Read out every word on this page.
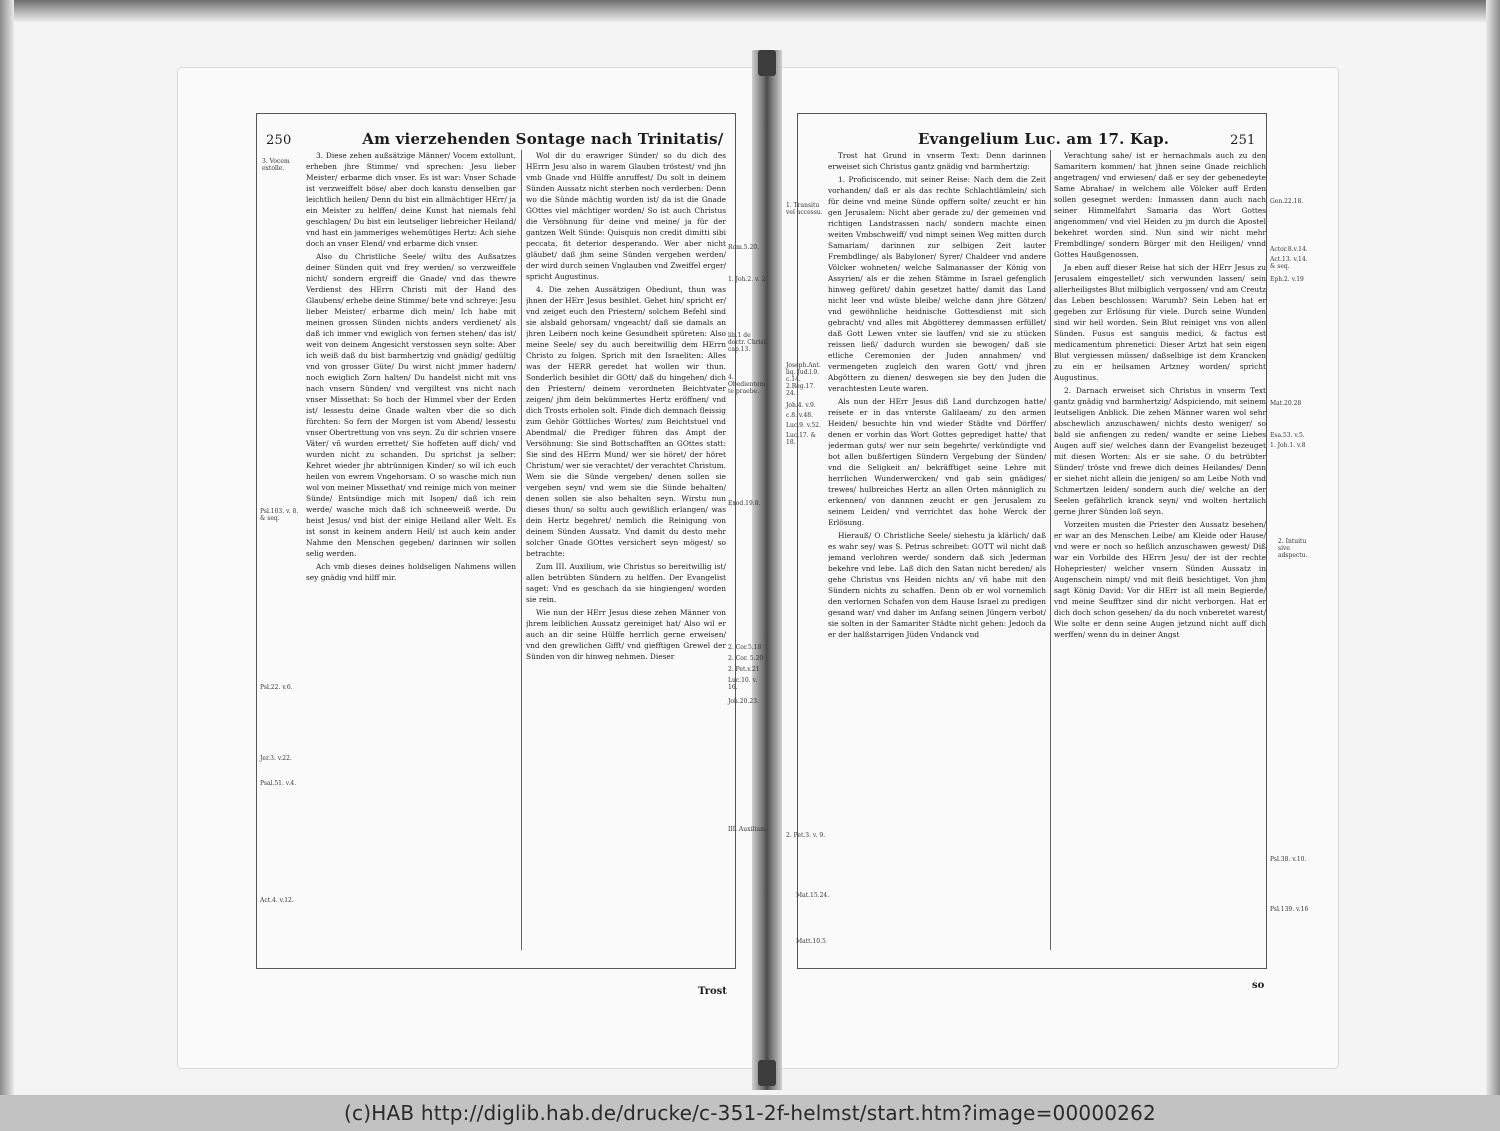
250	Am vierzehenden Sontage nach Trinitatis/

3. Diese zehen außsätzige Männer/ Vocem extollunt, erheben jhre Stimme/ vnd sprechen: Jesu lieber Meister/ erbarme dich vnser. Es ist war: Vnser Schade ist verzweiffelt böse/ aber doch kanstu denselben gar leichtlich heilen/ Denn du bist ein allmächtiger HErr/ ja ein Meister zu helffen/ deine Kunst hat niemals fehl geschlagen/ Du bist ein leutseliger liebreicher Heiland/ vnd hast ein jammeriges wehemütiges Hertz: Ach siehe doch an vnser Elend/ vnd erbarme dich vnser.

Also du Christliche Seele/ wiltu des Außsatzes deiner Sünden quit vnd frey werden/ so verzweiffele nicht/ sondern ergreiff die Gnade/ vnd das thewre Verdienst des HErrn Christi mit der Hand des Glaubens/ erhebe deine Stimme/ bete vnd schreye: Jesu lieber Meister/ erbarme dich mein/ Ich habe mit meinen grossen Sünden nichts anders verdienet/ als daß ich immer vnd ewiglich von fernen stehen/ das ist/ weit von deinem Angesicht verstossen seyn solte: Aber ich weiß daß du bist barmhertzig vnd gnädig/ gedültig vnd von grosser Güte/ Du wirst nicht jmmer hadern/ noch ewiglich Zorn halten/ Du handelst nicht mit vns nach vnsern Sünden/ vnd vergiltest vns nicht nach vnser Missethat: So hoch der Himmel vber der Erden ist/ lessestu deine Gnade walten vber die so dich fürchten: So fern der Morgen ist vom Abend/ lessestu vnser Obertrettung von vns seyn. Zu dir schrien vnsere Väter/ vñ wurden errettet/ Sie hoffeten auff dich/ vnd wurden nicht zu schanden. Du sprichst ja selber: Kehret wieder jhr abtrünnigen Kinder/ so wil ich euch heilen von ewrem Vngehorsam. O so wasche mich nun wol von meiner Missethat/ vnd reinige mich von meiner Sünde/ Entsündige mich mit Isopen/ daß ich rein werde/ wasche mich daß ich schneeweiß werde. Du heist Jesus/ vnd bist der einige Heiland aller Welt. Es ist sonst in keinem andern Heil/ ist auch kein ander Nahme den Menschen gegeben/ darinnen wir sollen selig werden.

Ach vmb dieses deines holdseligen Nahmens willen sey gnädig vnd hilff mir.

Wol dir du erawriger Sünder/ so du dich des HErrn Jesu also in warem Glauben tröstest/ vnd jhn vmb Gnade vnd Hülffe anruffest/ Du solt in deinem Sünden Aussatz nicht sterben noch verderben: Denn wo die Sünde mächtig worden ist/ da ist die Gnade GOttes viel mächtiger worden/ So ist auch Christus die Versöhnung für deine vnd meine/ ja für der gantzen Welt Sünde: Quisquis non credit dimitti sibi peccata, fit deterior desperando. Wer aber nicht gläubet/ daß jhm seine Sünden vergeben werden/ der wird durch seinen Vnglauben vnd Zweiffel erger/ spricht Augustinus.

4. Die zehen Aussätzigen Obediunt, thun was jhnen der HErr Jesus besihlet. Gehet hin/ spricht er/ vnd zeiget euch den Priestern/ solchem Befehl sind sie alsbald gehorsam/ vngeacht/ daß sie damals an jhren Leibern noch keine Gesundheit spüreten: Also meine Seele/ sey du auch bereitwillig dem HErrn Christo zu folgen. Sprich mit den Israeliten: Alles was der HERR geredet hat wollen wir thun. Sonderlich besihlet dir GOtt/ daß du hingehen/ dich den Priestern/ deinem verordneten Beichtvater zeigen/ jhm dein bekümmertes Hertz eröffnen/ vnd dich Trosts erholen solt. Finde dich demnach fleissig zum Gehör Göttliches Wortes/ zum Beichtstuel vnd Abendmal/ die Prediger führen das Ampt der Versöhnung: Sie sind Bottschafften an GOttes statt: Sie sind des HErrn Mund/ wer sie höret/ der höret Christum/ wer sie verachtet/ der verachtet Christum. Wem sie die Sünde vergeben/ denen sollen sie vergeben seyn/ vnd wem sie die Sünde behalten/ denen sollen sie also behalten seyn. Wirstu nun dieses thun/ so soltu auch gewißlich erlangen/ was dein Hertz begehret/ nemlich die Reinigung von deinem Sünden Aussatz. Vnd damit du desto mehr solcher Gnade GOttes versichert seyn mögest/ so betrachte:

Zum III. Auxilium, wie Christus so bereitwillig ist/ allen betrübten Sündern zu helffen. Der Evangelist saget: Vnd es geschach da sie hingiengen/ worden sie rein.

Wie nun der HErr Jesus diese zehen Männer von jhrem leiblichen Aussatz gereiniget hat/ Also wil er auch an dir seine Hülffe herrlich gerne erweisen/ vnd den grewlichen Gifft/ vnd giefftigen Grewel der Sünden von dir hinweg nehmen. Dieser

Trost
3. Vocem extolle.
Psl.103. v. 8. & seq.
Psl.22. v.6.
Jer.3. v.22.
Psal.51. v.4.
Act.4. v.12.
Rom.5.20.
1. Joh.2. v. 2.
lib.1 de doctr. Christ. cap.13.
4. Obedientem te praebe.
Exod.19.8.
2. Cor.5.18
2. Cor. 5.20
2. Pet.v.21
Luc.10. v. 16.
Joh.20.23.
III. Auxilium.
Evangelium Luc. am 17. Kap.	251

Trost hat Grund in vnserm Text: Denn darinnen erweiset sich Christus gantz gnädig vnd barmhertzig:

1. Proficiscendo, mit seiner Reise: Nach dem die Zeit vorhanden/ daß er als das rechte Schlachtlämlein/ sich für deine vnd meine Sünde opffern solte/ zeucht er hin gen Jerusalem: Nicht aber gerade zu/ der gemeinen vnd richtigen Landstrassen nach/ sondern machte einen weiten Vmbschweiff/ vnd nimpt seinen Weg mitten durch Samariam/ darinnen zur selbigen Zeit lauter Frembdlinge/ als Babyloner/ Syrer/ Chaldeer vnd andere Völcker wohneten/ welche Salmanasser der König von Assyrien/ als er die zehen Stämme in Israel gefenglich hinweg gefüret/ dahin gesetzet hatte/ damit das Land nicht leer vnd wüste bleibe/ welche dann jhre Götzen/ vnd gewöhnliche heidnische Gottesdienst mit sich gebracht/ vnd alles mit Abgötterey demmassen erfüllet/ daß Gott Lewen vnter sie lauffen/ vnd sie zu stücken reissen ließ/ dadurch wurden sie bewogen/ daß sie etliche Ceremonien der Juden annahmen/ vnd vermengeten zugleich den waren Gott/ vnd jhren Abgöttern zu dienen/ deswegen sie bey den Juden die verachtesten Leute waren.

Als nun der HErr Jesus diß Land durchzogen hatte/ reisete er in das vnterste Galilaeam/ zu den armen Heiden/ besuchte hin vnd wieder Städte vnd Dörffer/ denen er vorhin das Wort Gottes geprediget hatte/ that jederman guts/ wer nur sein begehrte/ verkündigte vnd bot allen bußfertigen Sündern Vergebung der Sünden/ vnd die Seligkeit an/ bekräfftiget seine Lehre mit herrlichen Wunderwercken/ vnd gab sein gnädiges/ trewes/ hulbreiches Hertz an allen Orten männiglich zu erkennen/ von dannnen zeucht er gen Jerusalem zu seinem Leiden/ vnd verrichtet das hohe Werck der Erlösung.

Hierauß/ O Christliche Seele/ siehestu ja klärlich/ daß es wahr sey/ was S. Petrus schreibet: GOTT wil nicht daß jemand verlohren werde/ sondern daß sich Jederman bekehre vnd lebe. Laß dich den Satan nicht bereden/ als gehe Christus vns Heiden nichts an/ vñ habe mit den Sündern nichts zu schaffen. Denn ob er wol vornemlich den verlornen Schafen von dem Hause Israel zu predigen gesand war/ vnd daher im Anfang seinen Jüngern verbot/ sie solten in der Samariter Städte nicht gehen: Jedoch da er der halßstarrigen Jüden Vndanck vnd

Verachtung sahe/ ist er hernachmals auch zu den Samaritern kommen/ hat jhnen seine Gnade reichlich angetragen/ vnd erwiesen/ daß er sey der gebenedeyte Same Abrahae/ in welchem alle Völcker auff Erden sollen gesegnet werden: Inmassen dann auch nach seiner Himmelfahrt Samaria das Wort Gottes angenommen/ vnd viel Heiden zu jm durch die Apostel bekehret worden sind. Nun sind wir nicht mehr Frembdlinge/ sondern Bürger mit den Heiligen/ vnnd Gottes Haußgenossen.

Ja eben auff dieser Reise hat sich der HErr Jesus zu Jerusalem eingestellet/ sich verwunden lassen/ sein allerheiligstes Blut milbiglich vergossen/ vnd am Creutz das Leben beschlossen: Warumb? Sein Leben hat er gegeben zur Erlösung für viele. Durch seine Wunden sind wir heil worden. Sein Blut reiniget vns von allen Sünden. Fusus est sanguis medici, & factus est medicamentum phrenetici: Dieser Artzt hat sein eigen Blut vergiessen müssen/ daßselbige ist dem Krancken zu ein er heilsamen Artzney worden/ spricht Augustinus.

2. Darnach erweiset sich Christus in vnserm Text gantz gnädig vnd barmhertzig/ Adspiciendo, mit seinem leutseligen Anblick. Die zehen Männer waren wol sehr abschewlich anzuschawen/ nichts desto weniger/ so bald sie anfiengen zu reden/ wandte er seine Liebes Augen auff sie/ welches dann der Evangelist bezeuget mit diesen Worten: Als er sie sahe. O du betrübter Sünder/ tröste vnd frewe dich deines Heilandes/ Denn er siehet nicht allein die jenigen/ so am Leibe Noth vnd Schmertzen leiden/ sondern auch die/ welche an der Seelen gefährlich kranck seyn/ vnd wolten hertzlich gerne jhrer Sünden loß seyn.

Vorzeiten musten die Priester den Aussatz besehen/ er war an des Menschen Leibe/ am Kleide oder Hause/ vnd were er noch so heßlich anzuschawen gewest/ Diß war ein Vorbilde des HErrn Jesu/ der ist der rechte Hohepriester/ welcher vnsern Sünden Aussatz in Augenschein nimpt/ vnd mit fleiß besichtiget. Von jhm sagt König David: Vor dir HErr ist all mein Begierde/ vnd meine Seufftzer sind dir nicht verborgen. Hat er dich doch schon gesehen/ da du noch vnberetet warest/ Wie solte er denn seine Augen jetzund nicht auff dich werffen/ wenn du in deiner Angst

so
1. Transitu vel accessu.
Joseph.Ant. liq. Jud.l.9. c.14. 2.Reg.17. 24.
Joh.4. v.9.
c.8. v.48.
Luc.9. v.52.
Luc.17. & 18.
2. Pet.3. v. 9.
Mat.15.24.
Matt.10.5
Gen.22.18.
Actor.8.v.14.
Act.13. v.14. & seq.
Eph.2. v.19
Mat.20.28
Esa.53. v.5.
1. Joh.1. v.8
2. Intuitu sive adspectu.
Psl.38. v.10.
Psl.139. v.16
(c)HAB http://diglib.hab.de/drucke/c-351-2f-helmst/start.htm?image=00000262
